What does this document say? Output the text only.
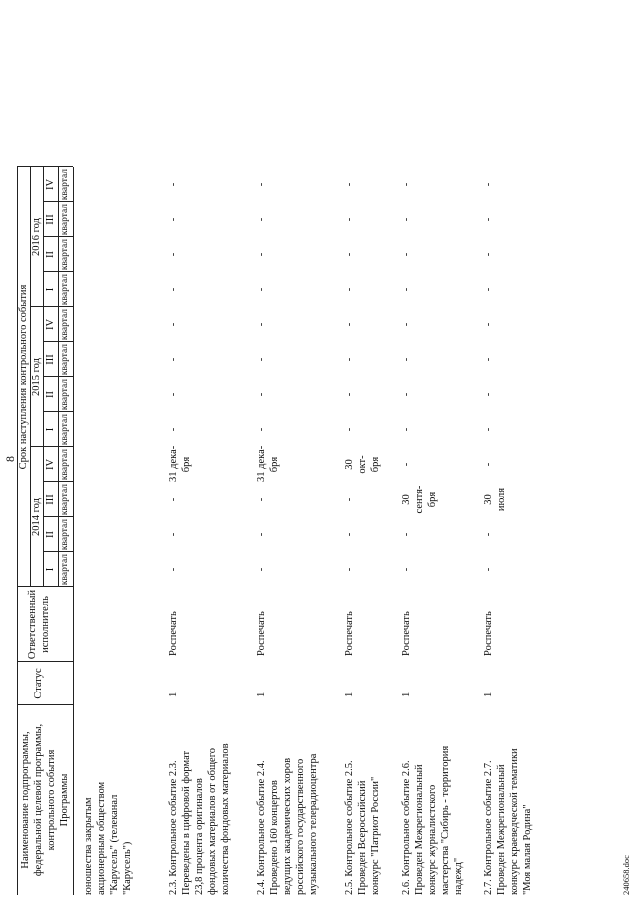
8
Наименование подпрограммы, федеральной целевой программы, контрольного события Программы
Статус
Ответственный исполнитель
Срок наступления контрольного события
2014 год
2015 год
2016 год
I квартал
II квартал
III квартал
IV квартал
I квартал
II квартал
III квартал
IV квартал
I квартал
II квартал
III квартал
IV квартал
юношества закрытым акционерным обществом "Карусель" (телеканал "Карусель")	2.3. Контрольное событие 2.3. Переведены в цифровой формат 23,8 процента оригиналов фондовых материалов от общего количества фондовых материалов
1
Роспечать
-
-
-
31 дека- бря
-
-
-
-
-
-
-
-
2.4. Контрольное событие 2.4. Проведено 160 концертов ведущих академических хоров российского государственного музыкального телерадиоцентра
1
Роспечать
-
-
-
31 дека- бря
-
-
-
-
-
-
-
-
2.5. Контрольное событие 2.5. Проведен Всероссийский конкурс "Патриот России"
1
Роспечать
-
-
-
30 окт- бря
-
-
-
-
-
-
-
-
2.6. Контрольное событие 2.6. Проведен Межрегиональный конкурс журналистского мастерства "Сибирь - территория надежд"
1
Роспечать
-
-
30 сентя- бря
-
-
-
-
-
-
-
-
-
2.7. Контрольное событие 2.7. Проведен Межрегиональный конкурс краеведческой тематики "Моя малая Родина"
1
Роспечать
-
-
30 июля
-
-
-
-
-
-
-
-
-
240658.doc
